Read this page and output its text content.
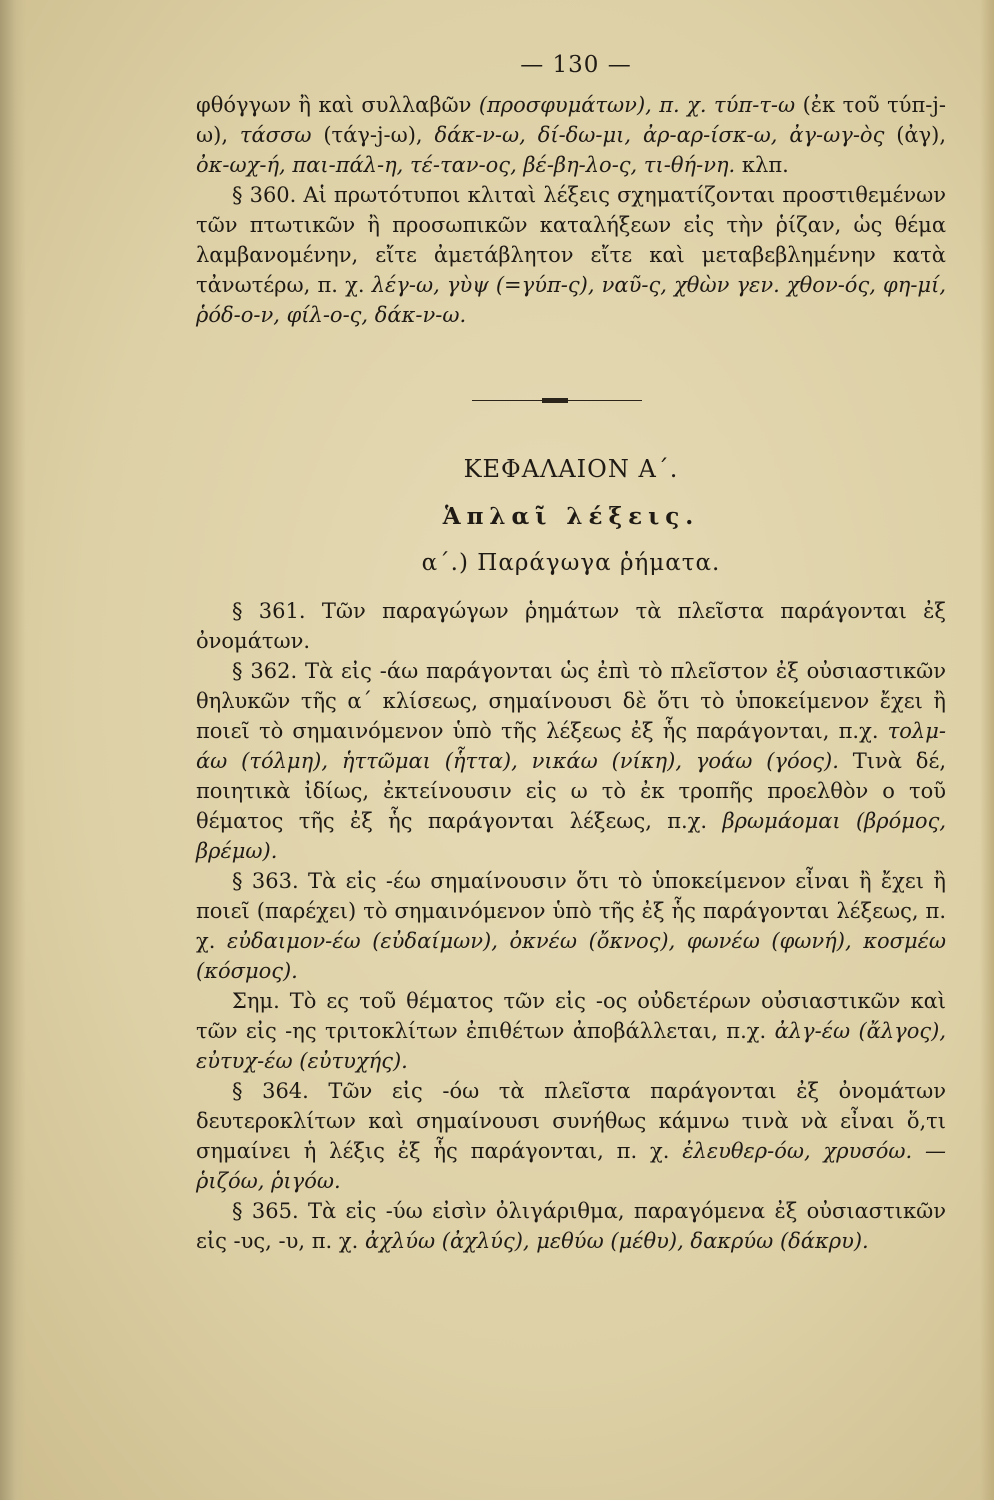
— 130 —

φθόγγων ἢ καὶ συλλαβῶν (προσφυμάτων), π. χ. τύπ-τ-ω (ἐκ τοῦ τύπ-j-ω), τάσσω (τάγ-j-ω), δάκ-ν-ω, δί-δω-μι, ἀρ-αρ-ίσκ-ω, ἀγ-ωγ-ὸς (ἀγ), ὀκ-ωχ-ή, παι-πάλ-η, τέ-ταν-ος, βέ-βη-λο-ς, τι-θή-νη. κλπ.

§ 360. Αἱ πρωτότυποι κλιταὶ λέξεις σχηματίζονται προστιθεμένων τῶν πτωτικῶν ἢ προσωπικῶν καταλήξεων εἰς τὴν ῥίζαν, ὡς θέμα λαμβανομένην, εἴτε ἀμετάβλητον εἴτε καὶ μεταβεβλημένην κατὰ τἀνωτέρω, π. χ. λέγ-ω, γὺψ (=γύπ-ς), ναῦ-ς, χθὼν γεν. χθον-ός, φη-μί, ῥόδ-ο-ν, φίλ-ο-ς, δάκ-ν-ω.

ΚΕΦΑΛΑΙΟΝ Α΄.
Ἁπλαῖ λέξεις.
α΄.) Παράγωγα ῥήματα.

§ 361. Τῶν παραγώγων ῥημάτων τὰ πλεῖστα παράγονται ἐξ ὀνομάτων.

§ 362. Τὰ εἰς -άω παράγονται ὡς ἐπὶ τὸ πλεῖστον ἐξ οὐσιαστικῶν θηλυκῶν τῆς α΄ κλίσεως, σημαίνουσι δὲ ὅτι τὸ ὑποκείμενον ἔχει ἢ ποιεῖ τὸ σημαινόμενον ὑπὸ τῆς λέξεως ἐξ ἧς παράγονται, π.χ. τολμ-άω (τόλμη), ἡττῶμαι (ἧττα), νικάω (νίκη), γοάω (γόος). Τινὰ δέ, ποιητικὰ ἰδίως, ἐκτείνουσιν εἰς ω τὸ ἐκ τροπῆς προελθὸν ο τοῦ θέματος τῆς ἐξ ἧς παράγονται λέξεως, π.χ. βρωμάομαι (βρόμος, βρέμω).

§ 363. Τὰ εἰς -έω σημαίνουσιν ὅτι τὸ ὑποκείμενον εἶναι ἢ ἔχει ἢ ποιεῖ (παρέχει) τὸ σημαινόμενον ὑπὸ τῆς ἐξ ἧς παράγονται λέξεως, π. χ. εὐδαιμον-έω (εὐδαίμων), ὀκνέω (ὄκνος), φωνέω (φωνή), κοσμέω (κόσμος).

Σημ. Τὸ ες τοῦ θέματος τῶν εἰς -ος οὐδετέρων οὐσιαστικῶν καὶ τῶν εἰς -ης τριτοκλίτων ἐπιθέτων ἀποβάλλεται, π.χ. ἀλγ-έω (ἄλγος), εὐτυχ-έω (εὐτυχής).

§ 364. Τῶν εἰς -όω τὰ πλεῖστα παράγονται ἐξ ὀνομάτων δευτεροκλίτων καὶ σημαίνουσι συνήθως κάμνω τινὰ νὰ εἶναι ὅ,τι σημαίνει ἡ λέξις ἐξ ἧς παράγονται, π. χ. ἐλευθερ-όω, χρυσόω. —ῥιζόω, ῥιγόω.

§ 365. Τὰ εἰς -ύω εἰσὶν ὀλιγάριθμα, παραγόμενα ἐξ οὐσιαστικῶν εἰς -υς, -υ, π. χ. ἀχλύω (ἀχλύς), μεθύω (μέθυ), δακρύω (δάκρυ).
